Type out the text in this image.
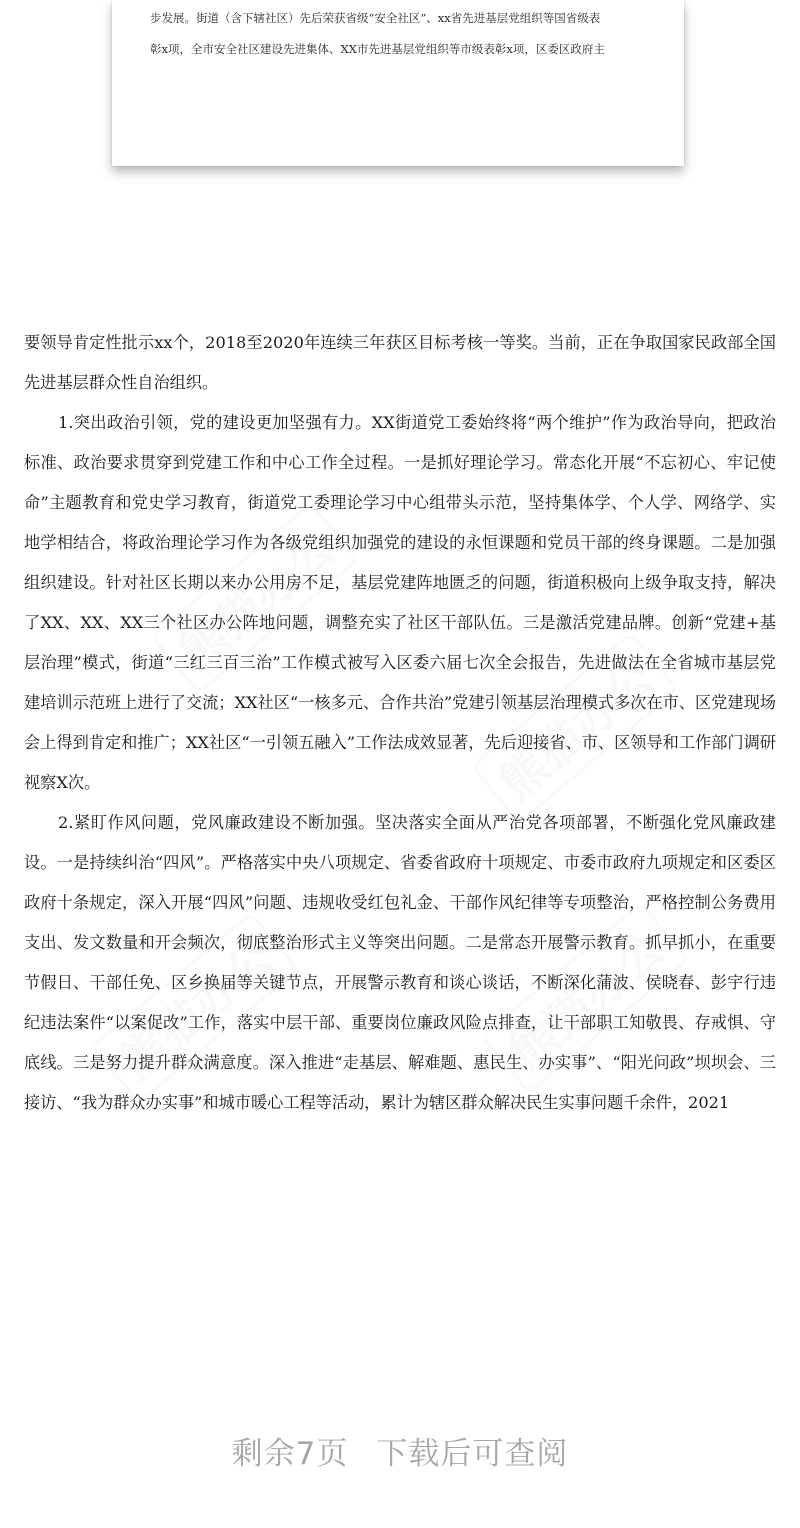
步发展。街道（含下辖社区）先后荣获省级“安全社区”、xx省先进基层党组织等国省级表
彰x项，全市安全社区建设先进集体、XX市先进基层党组织等市级表彰x项，区委区政府主
熊猫办公
熊猫办公
熊猫办公	熊猫办公

要领导肯定性批示xx个，2018至2020年连续三年获区目标考核一等奖。当前，正在争取国家民政部全国先进基层群众性自治组织。

1.突出政治引领，党的建设更加坚强有力。XX街道党工委始终将“两个维护”作为政治导向，把政治标准、政治要求贯穿到党建工作和中心工作全过程。一是抓好理论学习。常态化开展“不忘初心、牢记使命”主题教育和党史学习教育，街道党工委理论学习中心组带头示范，坚持集体学、个人学、网络学、实地学相结合，将政治理论学习作为各级党组织加强党的建设的永恒课题和党员干部的终身课题。二是加强组织建设。针对社区长期以来办公用房不足，基层党建阵地匮乏的问题，街道积极向上级争取支持，解决了XX、XX、XX三个社区办公阵地问题，调整充实了社区干部队伍。三是激活党建品牌。创新“党建+基层治理”模式，街道“三红三百三治”工作模式被写入区委六届七次全会报告，先进做法在全省城市基层党建培训示范班上进行了交流；XX社区“一核多元、合作共治”党建引领基层治理模式多次在市、区党建现场会上得到肯定和推广；XX社区“一引领五融入”工作法成效显著，先后迎接省、市、区领导和工作部门调研视察X次。

2.紧盯作风问题，党风廉政建设不断加强。坚决落实全面从严治党各项部署，不断强化党风廉政建设。一是持续纠治“四风”。严格落实中央八项规定、省委省政府十项规定、市委市政府九项规定和区委区政府十条规定，深入开展“四风”问题、违规收受红包礼金、干部作风纪律等专项整治，严格控制公务费用支出、发文数量和开会频次，彻底整治形式主义等突出问题。二是常态开展警示教育。抓早抓小，在重要节假日、干部任免、区乡换届等关键节点，开展警示教育和谈心谈话，不断深化蒲波、侯晓春、彭宇行违纪违法案件“以案促改”工作，落实中层干部、重要岗位廉政风险点排查，让干部职工知敬畏、存戒惧、守底线。三是努力提升群众满意度。深入推进“走基层、解难题、惠民生、办实事”、“阳光问政”坝坝会、三接访、“我为群众办实事”和城市暖心工程等活动，累计为辖区群众解决民生实事问题千余件，2021

剩余7页 下载后可查阅
